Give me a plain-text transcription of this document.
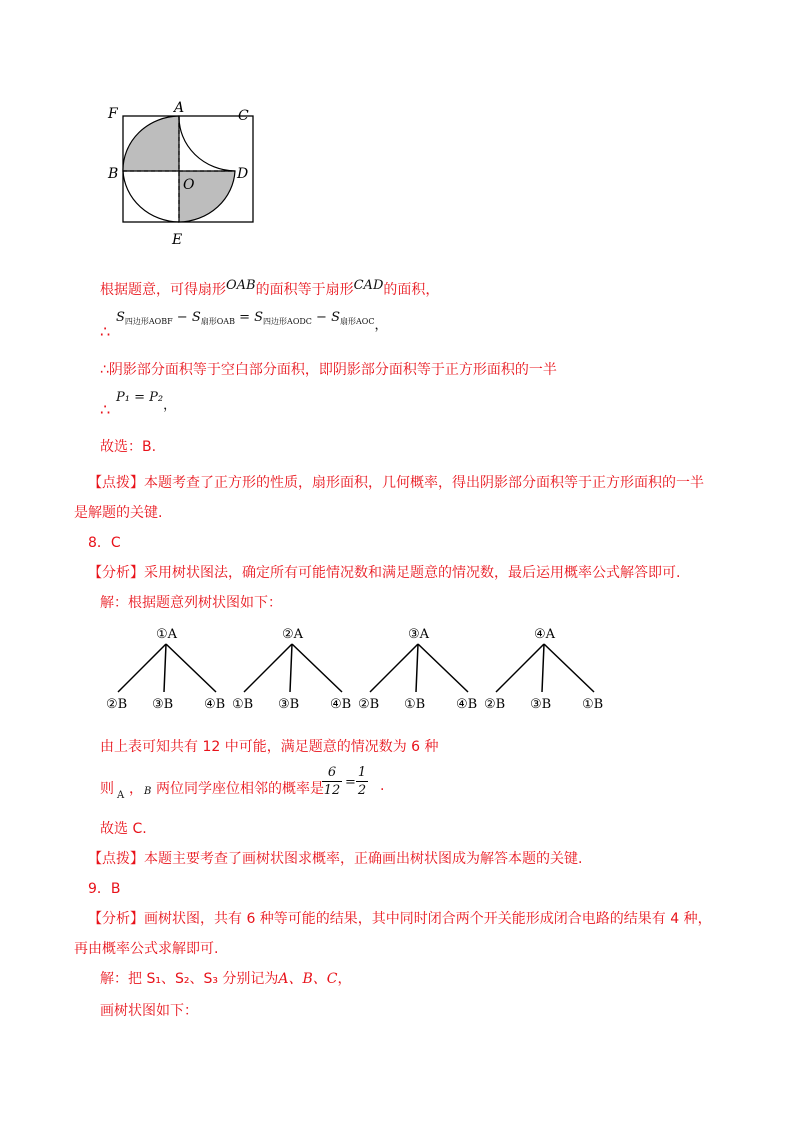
F	A	C
B
O
D
E
根据题意，可得扇形OAB的面积等于扇形CAD的面积，
∴
$S_{四边形AOBF} - S_{扇形OAB} = S_{四边形AODC} - S_{扇形AOC}$，
∴阴影部分面积等于空白部分面积，即阴影部分面积等于正方形面积的一半
∴
P₁ = P₂，
故选：B.
【点拨】本题考查了正方形的性质，扇形面积，几何概率，得出阴影部分面积等于正方形面积的一半
是解题的关键.
8．C
【分析】采用树状图法，确定所有可能情况数和满足题意的情况数，最后运用概率公式解答即可.
解：根据题意列树状图如下：
①A
②B ③B ④B
②A
①B ③B ④B
③A
②B ①B ④B
④A
②B ③B ①B
由上表可知共有 12 中可能，满足题意的情况数为 6 种
则 A ， B 两位同学座位相邻的概率是
6
12
=
1
2 .
故选 C.
【点拨】本题主要考查了画树状图求概率，正确画出树状图成为解答本题的关键.
9．B
【分析】画树状图，共有 6 种等可能的结果，其中同时闭合两个开关能形成闭合电路的结果有 4 种，
再由概率公式求解即可.
解：把 S₁、S₂、S₃ 分别记为A、B、C，
画树状图如下：
